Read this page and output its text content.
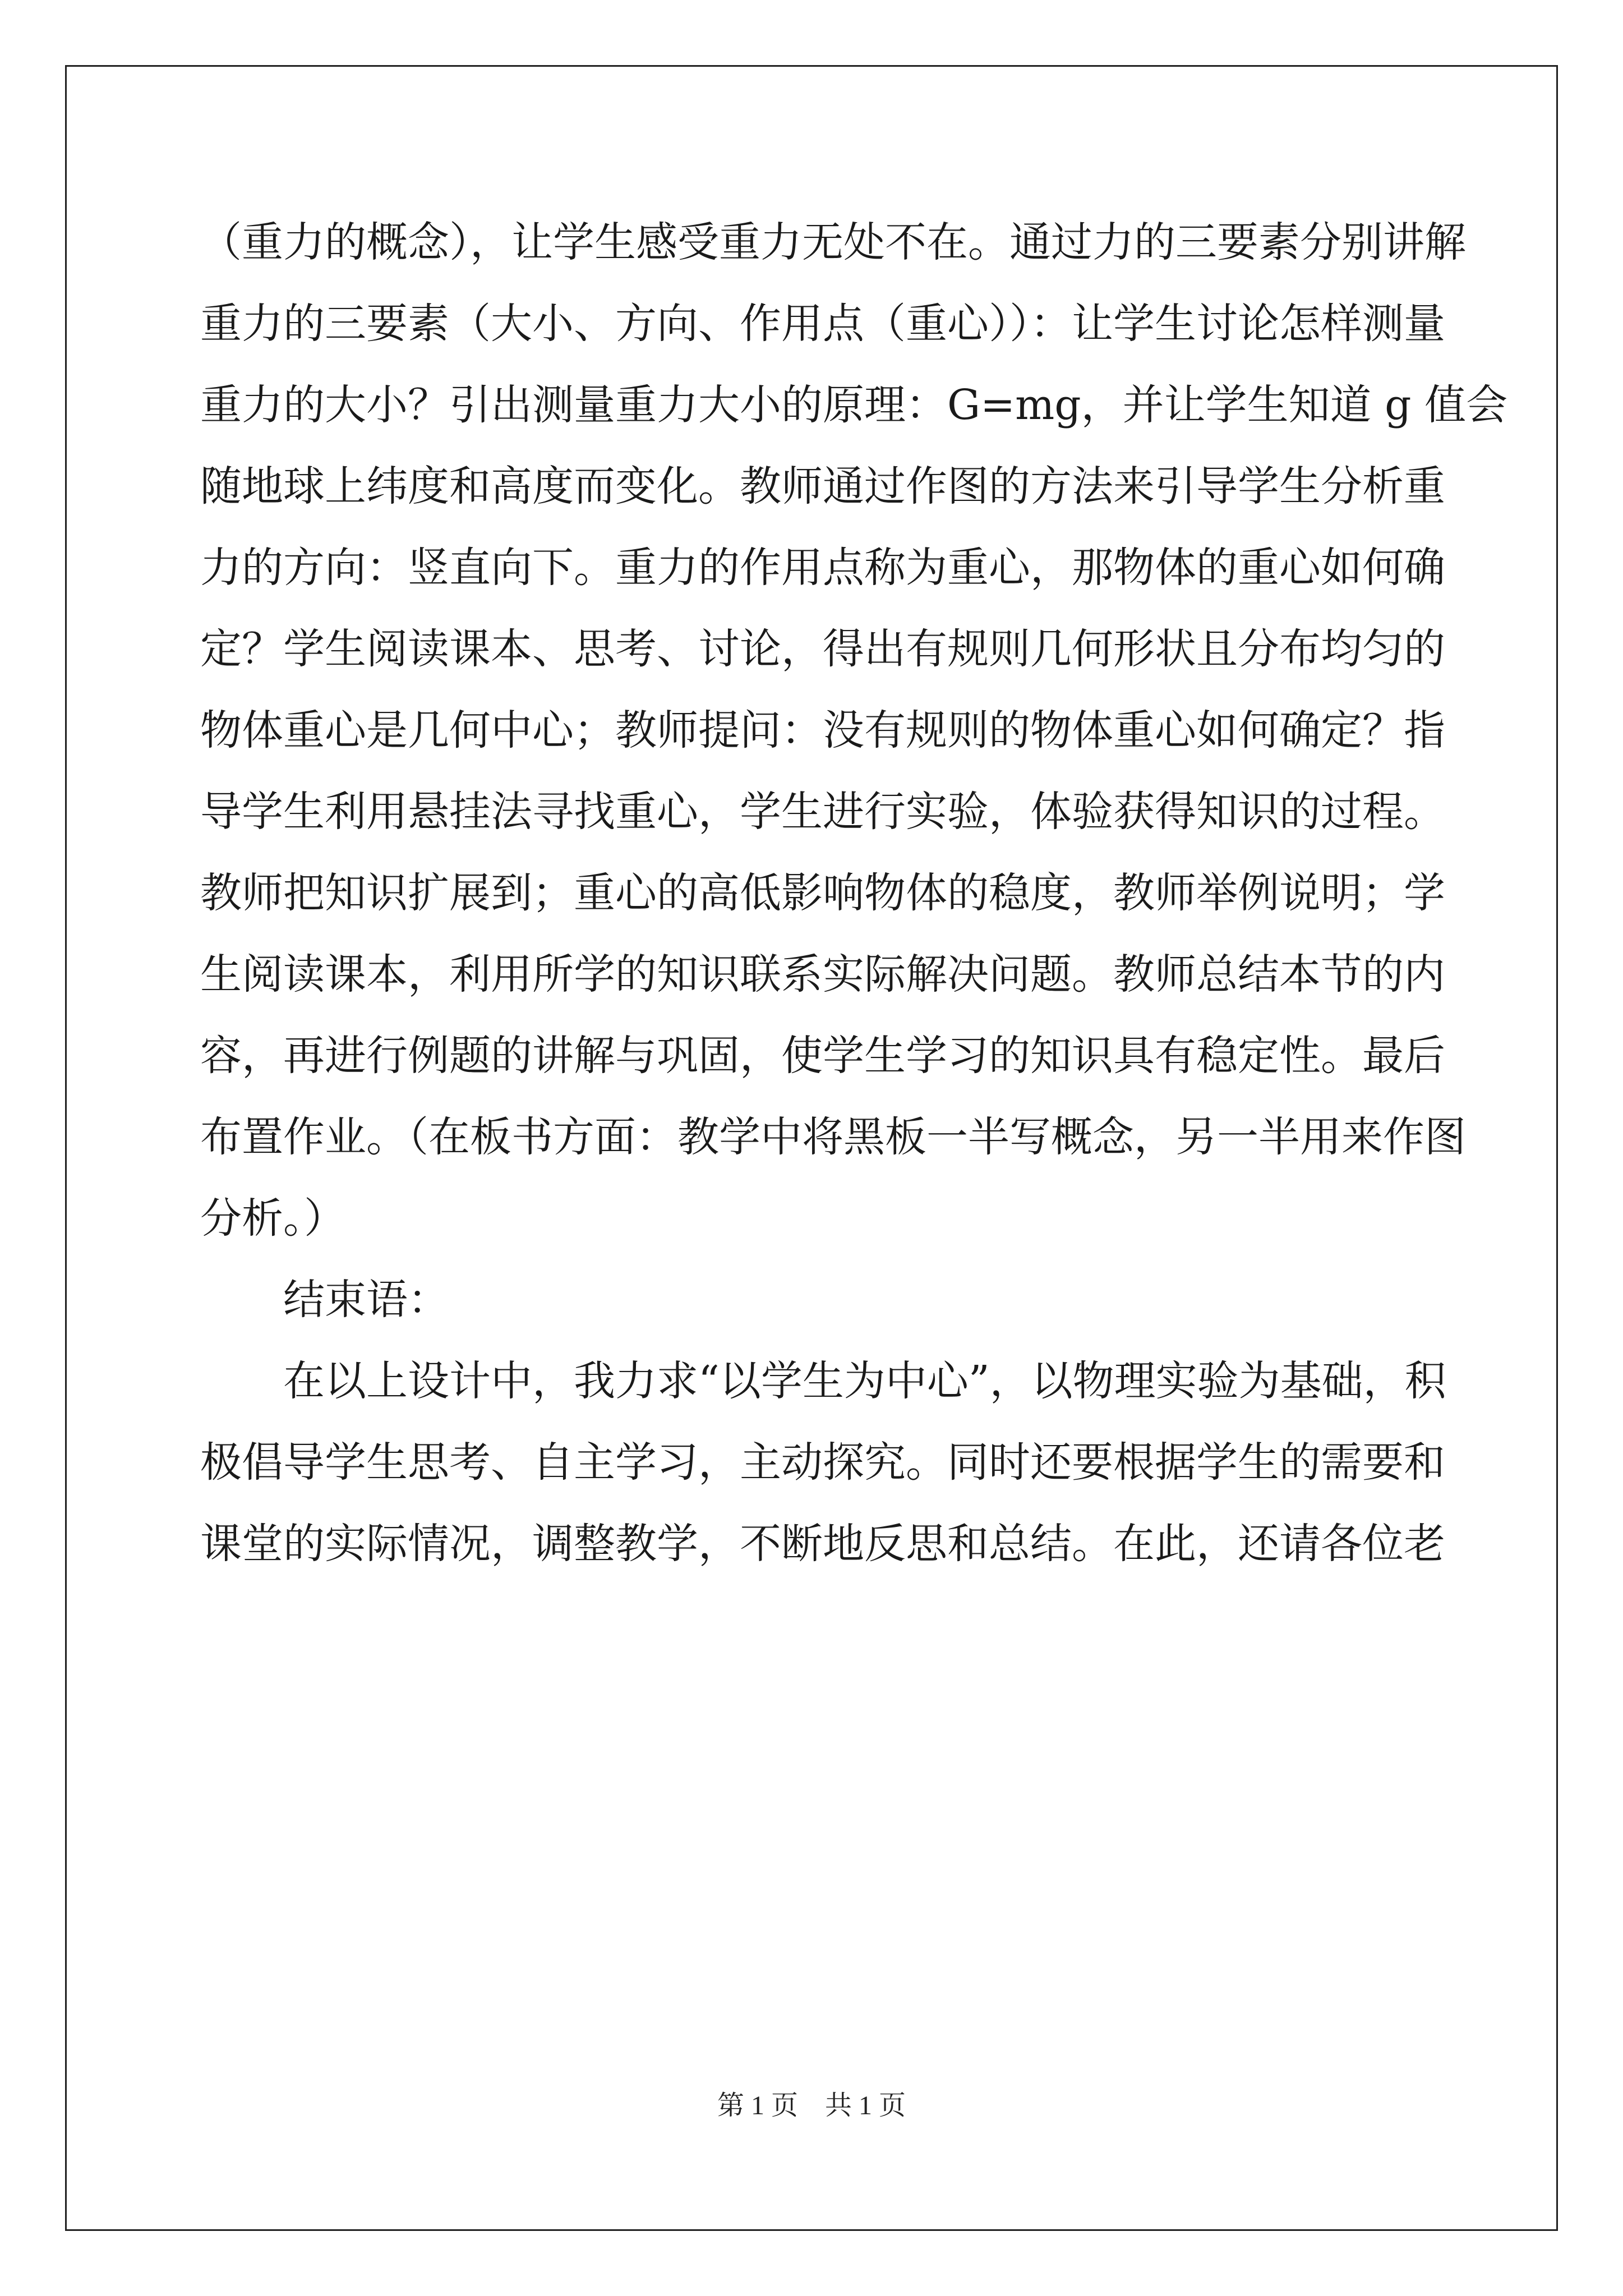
（重力的概念），让学生感受重力无处不在。通过力的三要素分别讲解
重力的三要素（大小、方向、作用点（重心））：让学生讨论怎样测量
重力的大小？引出测量重力大小的原理：G=mg，并让学生知道 g 值会
随地球上纬度和高度而变化。教师通过作图的方法来引导学生分析重
力的方向：竖直向下。重力的作用点称为重心，那物体的重心如何确
定？学生阅读课本、思考、讨论，得出有规则几何形状且分布均匀的
物体重心是几何中心；教师提问：没有规则的物体重心如何确定？指
导学生利用悬挂法寻找重心，学生进行实验，体验获得知识的过程。
教师把知识扩展到；重心的高低影响物体的稳度，教师举例说明；学
生阅读课本，利用所学的知识联系实际解决问题。教师总结本节的内
容，再进行例题的讲解与巩固，使学生学习的知识具有稳定性。最后
布置作业。（在板书方面：教学中将黑板一半写概念，另一半用来作图
分析。）
结束语：
在以上设计中，我力求“以学生为中心”，以物理实验为基础，积
极倡导学生思考、自主学习，主动探究。同时还要根据学生的需要和
课堂的实际情况，调整教学，不断地反思和总结。在此，还请各位老
第 1 页　共 1 页
